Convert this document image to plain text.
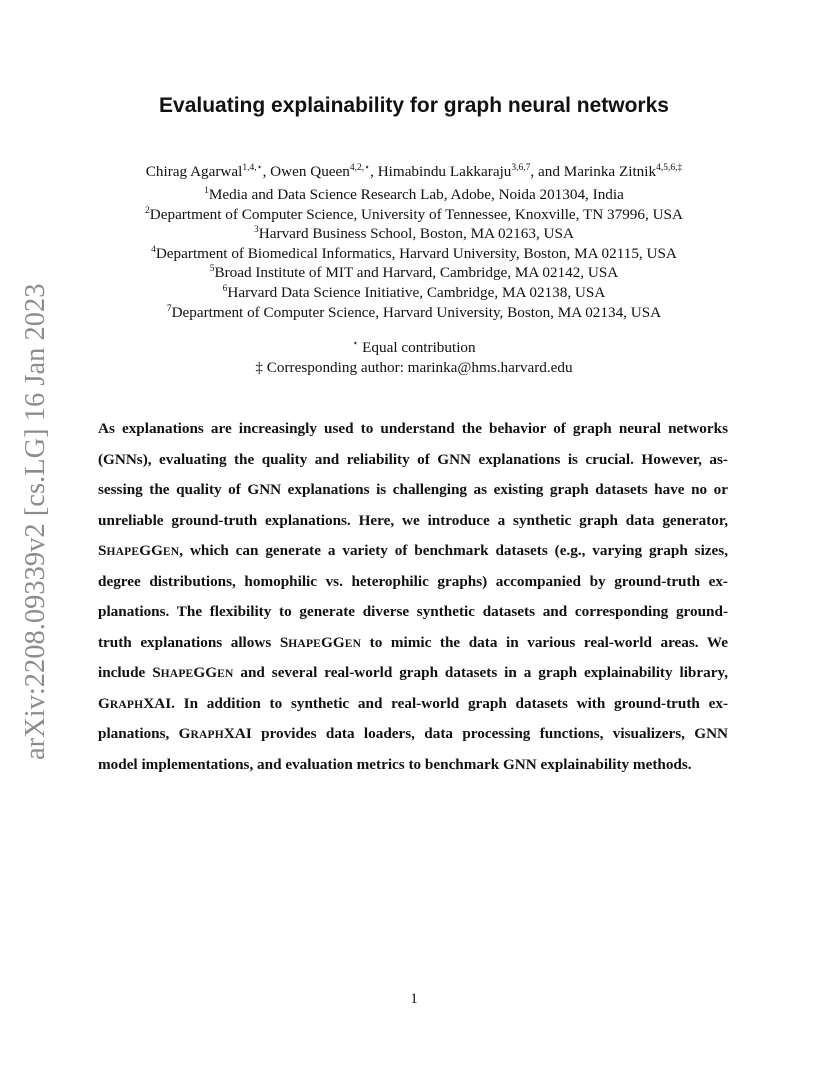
arXiv:2208.09339v2 [cs.LG] 16 Jan 2023
Evaluating explainability for graph neural networks
Chirag Agarwal$^{1,4,⋆}$, Owen Queen$^{4,2,⋆}$, Himabindu Lakkaraju$^{3,6,7}$, and Marinka Zitnik$^{4,5,6,\ddagger}$
$^1$Media and Data Science Research Lab, Adobe, Noida 201304, India
$^2$Department of Computer Science, University of Tennessee, Knoxville, TN 37996, USA
$^3$Harvard Business School, Boston, MA 02163, USA
$^4$Department of Biomedical Informatics, Harvard University, Boston, MA 02115, USA
$^5$Broad Institute of MIT and Harvard, Cambridge, MA 02142, USA
$^6$Harvard Data Science Initiative, Cambridge, MA 02138, USA
$^7$Department of Computer Science, Harvard University, Boston, MA 02134, USA
⋆ Equal contribution
‡ Corresponding author: marinka@hms.harvard.edu
As explanations are increasingly used to understand the behavior of graph neural networks
(GNNs), evaluating the quality and reliability of GNN explanations is crucial. However, as-
sessing the quality of GNN explanations is challenging as existing graph datasets have no or
unreliable ground-truth explanations. Here, we introduce a synthetic graph data generator,
SHAPEGGEN, which can generate a variety of benchmark datasets (e.g., varying graph sizes,
degree distributions, homophilic vs. heterophilic graphs) accompanied by ground-truth ex-
planations. The flexibility to generate diverse synthetic datasets and corresponding ground-
truth explanations allows SHAPEGGEN to mimic the data in various real-world areas. We
include SHAPEGGEN and several real-world graph datasets in a graph explainability library,
GRAPHXAI. In addition to synthetic and real-world graph datasets with ground-truth ex-
planations, GRAPHXAI provides data loaders, data processing functions, visualizers, GNN
model implementations, and evaluation metrics to benchmark GNN explainability methods.
1
